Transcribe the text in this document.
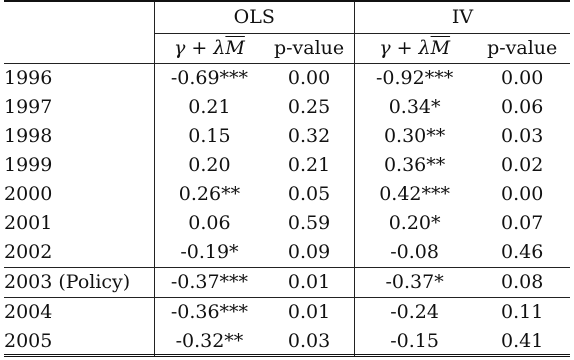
	OLS		IV	
	$\gamma + \lambda\overline{M}$	p-value	$\gamma + \lambda\overline{M}$	p-value
1996	-0.69***	0.00	-0.92***	0.00
1997	0.21	0.25	0.34*	0.06
1998	0.15	0.32	0.30**	0.03
1999	0.20	0.21	0.36**	0.02
2000	0.26**	0.05	0.42***	0.00
2001	0.06	0.59	0.20*	0.07
2002	-0.19*	0.09	-0.08	0.46
2003 (Policy)	-0.37***	0.01	-0.37*	0.08
2004	-0.36***	0.01	-0.24	0.11
2005	-0.32**	0.03	-0.15	0.41
